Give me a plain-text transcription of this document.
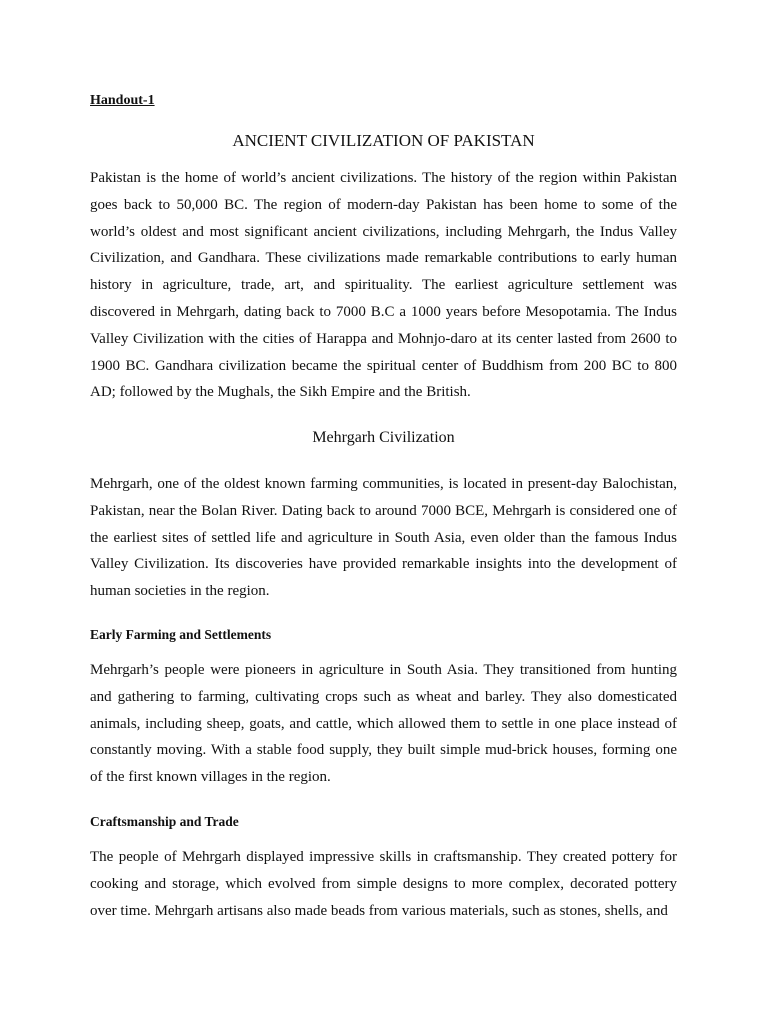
Handout-1
ANCIENT CIVILIZATION OF PAKISTAN

Pakistan is the home of world’s ancient civilizations. The history of the region within Pakistan goes back to 50,000 BC. The region of modern-day Pakistan has been home to some of the world’s oldest and most significant ancient civilizations, including Mehrgarh, the Indus Valley Civilization, and Gandhara. These civilizations made remarkable contributions to early human history in agriculture, trade, art, and spirituality. The earliest agriculture settlement was discovered in Mehrgarh, dating back to 7000 B.C a 1000 years before Mesopotamia. The Indus Valley Civilization with the cities of Harappa and Mohnjo-daro at its center lasted from 2600 to 1900 BC. Gandhara civilization became the spiritual center of Buddhism from 200 BC to 800 AD; followed by the Mughals, the Sikh Empire and the British.

Mehrgarh Civilization

Mehrgarh, one of the oldest known farming communities, is located in present-day Balochistan, Pakistan, near the Bolan River. Dating back to around 7000 BCE, Mehrgarh is considered one of the earliest sites of settled life and agriculture in South Asia, even older than the famous Indus Valley Civilization. Its discoveries have provided remarkable insights into the development of human societies in the region.

Early Farming and Settlements

Mehrgarh’s people were pioneers in agriculture in South Asia. They transitioned from hunting and gathering to farming, cultivating crops such as wheat and barley. They also domesticated animals, including sheep, goats, and cattle, which allowed them to settle in one place instead of constantly moving. With a stable food supply, they built simple mud-brick houses, forming one of the first known villages in the region.

Craftsmanship and Trade

The people of Mehrgarh displayed impressive skills in craftsmanship. They created pottery for cooking and storage, which evolved from simple designs to more complex, decorated pottery over time. Mehrgarh artisans also made beads from various materials, such as stones, shells, and
